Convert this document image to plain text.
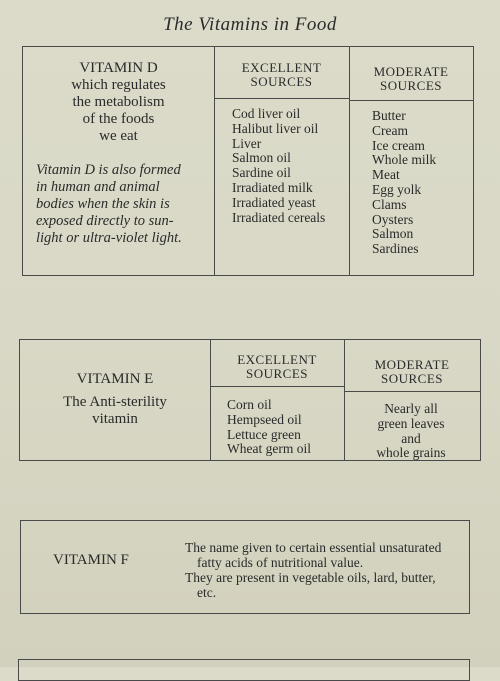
The Vitamins in Food
VITAMIN D
which regulates
the metabolism
of the foods
we eat
Vitamin D is also formed
in human and animal
bodies when the skin is
exposed directly to sun-
light or ultra-violet light.
EXCELLENT
SOURCES
MODERATE
SOURCES
Cod liver oil
Halibut liver oil
Liver
Salmon oil
Sardine oil
Irradiated milk
Irradiated yeast
Irradiated cereals
Butter
Cream
Ice cream
Whole milk
Meat
Egg yolk
Clams
Oysters
Salmon
Sardines
VITAMIN E
The Anti-sterility
vitamin
EXCELLENT
SOURCES
MODERATE
SOURCES
Corn oil
Hempseed oil
Lettuce green
Wheat germ oil
Nearly all
green leaves
and
whole grains
VITAMIN F
The name given to certain essential unsaturated
fatty acids of nutritional value.
They are present in vegetable oils, lard, butter,
etc.
